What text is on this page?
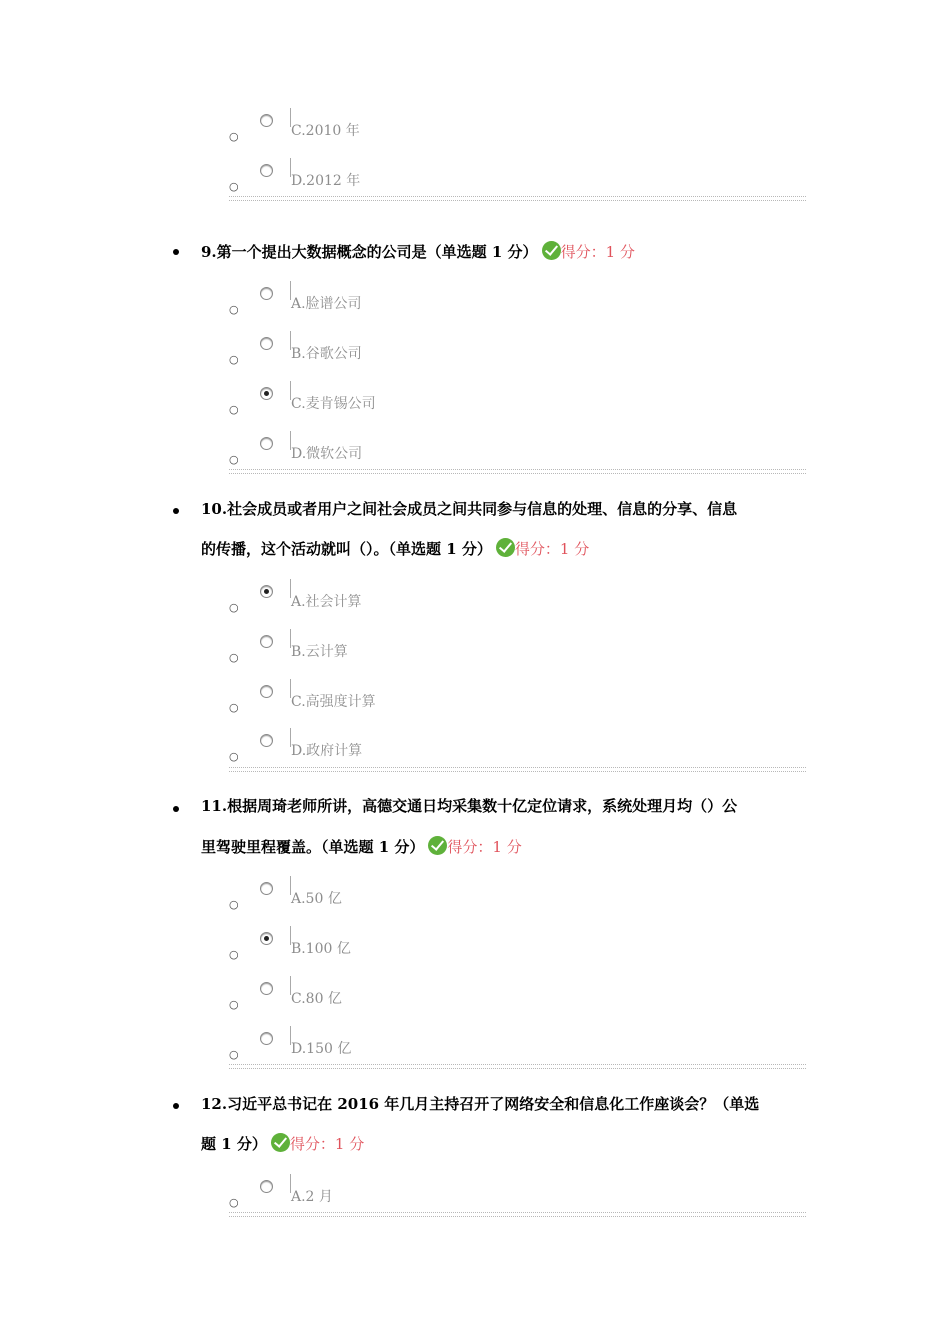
○	C.2010 年
○	D.2012 年
9.第一个提出大数据概念的公司是（单选题 1 分） 得分：1 分
○	A.脸谱公司
○	B.谷歌公司
○	C.麦肯锡公司
○	D.微软公司
10.社会成员或者用户之间社会成员之间共同参与信息的处理、信息的分享、信息
的传播，这个活动就叫（）。（单选题 1 分） 得分：1 分
○	A.社会计算
○	B.云计算
○	C.高强度计算
○	D.政府计算
11.根据周琦老师所讲，高德交通日均采集数十亿定位请求，系统处理月均（）公
里驾驶里程覆盖。（单选题 1 分） 得分：1 分
○	A.50 亿
○	B.100 亿
○	C.80 亿
○	D.150 亿
12.习近平总书记在 2016 年几月主持召开了网络安全和信息化工作座谈会？（单选
题 1 分） 得分：1 分
○	A.2 月
